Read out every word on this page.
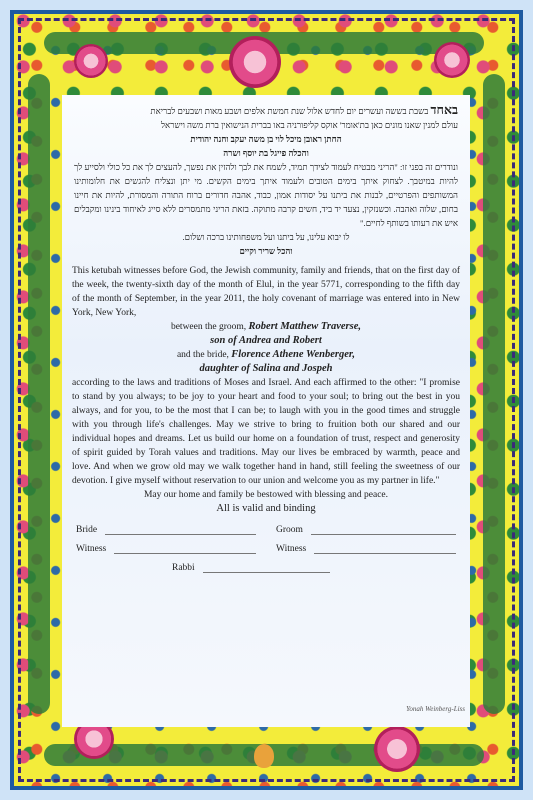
באחד בשבת בששה ועשרים יום לחדש אלול שנת חמשת אלפים ושבע מאות ושבעים לבריאת
עולם למנין שאנו מונים כאן בת'אומר' אוקס קליפורניה באו בברית הנישואין ברת משה וישראל
החתן ראובן מיכל לוי בן משה יעקב וחנה יהודית
והכלה פייגל בת יוסף ושרה
ונודרים זה בפני זו: "הריני מבטיח לעמוד לצידך תמיד, לשמח את לבך ולהזין את נפשך, להעצים לך את כל כולי ולסייע לך להיות במיטבך. לצחוק איתך בימים הטובים ולעמוד איתך בימים הקשים. מי יתן ונצליח להגשים את חלומותינו המשותפים והפרטיים, לבנות את ביתנו על יסודות אמון, כבוד, אהבה חדורים ברוח התורה והמסורת, להיות את חיינו בחום, שלוה ואהבה. וכשנזקין, נצעד יד ביד, חשים קרבה מתוקה. בזאת הריני מתמסרים ללא סייג לאיחוד בינינו ומקבלים איש את רעותו בשותף לחיים."
לו יבוא עלינו, על ביתנו ועל משפחותינו ברכה ושלום.
והכל שריר וקיים
This ketubah witnesses before God, the Jewish community, family and friends, that on the first day of the week, the twenty-sixth day of the month of Elul, in the year 5771, corresponding to the fifth day of the month of September, in the year 2011, the holy covenant of marriage was entered into in New York, New York,
between the groom, Robert Matthew Traverse,
son of Andrea and Robert
and the bride, Florence Athene Wenberger,
daughter of Salina and Jospeh
according to the laws and traditions of Moses and Israel. And each affirmed to the other: "I promise to stand by you always; to be joy to your heart and food to your soul; to bring out the best in you always, and for you, to be the most that I can be; to laugh with you in the good times and struggle with you through life's challenges. May we strive to bring to fruition both our shared and our individual hopes and dreams. Let us build our home on a foundation of trust, respect and generosity of spirit guided by Torah values and traditions. May our lives be embraced by warmth, peace and love. And when we grow old may we walk together hand in hand, still feeling the sweetness of our devotion. I give myself without reservation to our union and welcome you as my partner in life."
May our home and family be bestowed with blessing and peace.
All is valid and binding
Bride	Groom
Witness	Witness
Rabbi
Yonah Weinberg-Liss
